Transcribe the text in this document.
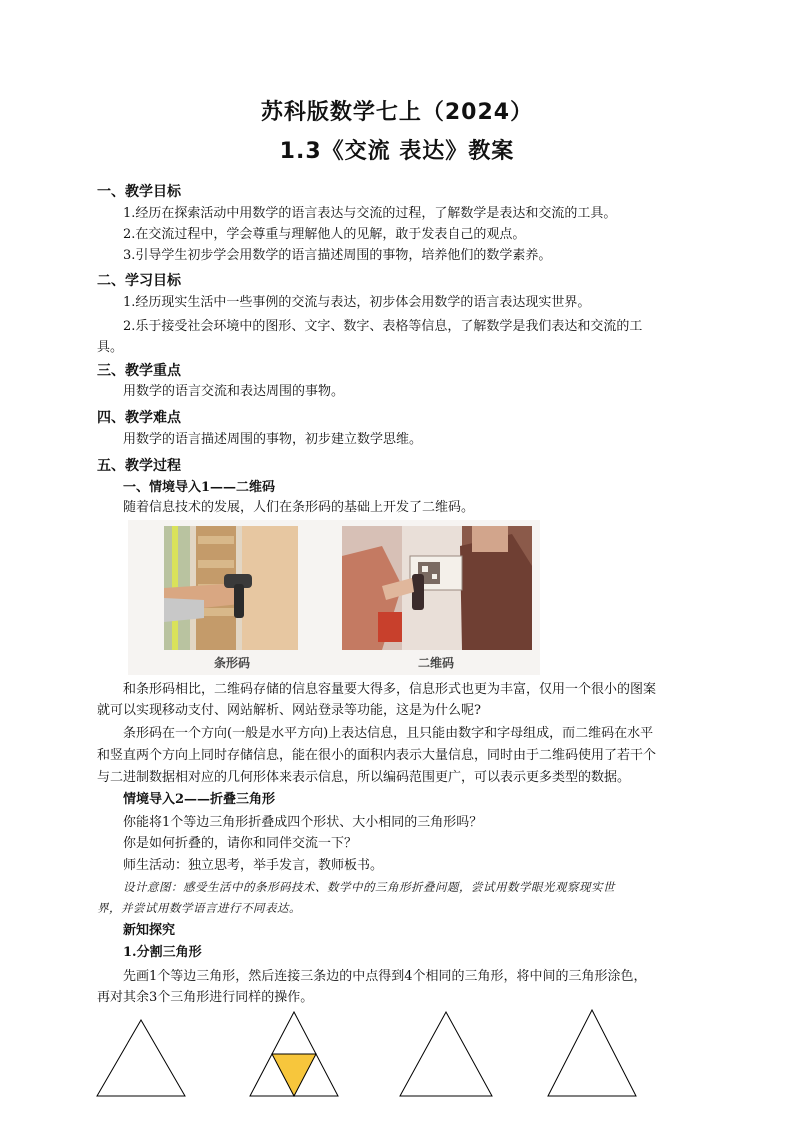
苏科版数学七上（2024）
1.3《交流 表达》教案
一、教学目标
1.经历在探索活动中用数学的语言表达与交流的过程，了解数学是表达和交流的工具。
2.在交流过程中，学会尊重与理解他人的见解，敢于发表自己的观点。
3.引导学生初步学会用数学的语言描述周围的事物，培养他们的数学素养。
二、学习目标
1.经历现实生活中一些事例的交流与表达，初步体会用数学的语言表达现实世界。
2.乐于接受社会环境中的图形、文字、数字、表格等信息，了解数学是我们表达和交流的工
具。
三、教学重点
用数学的语言交流和表达周围的事物。
四、教学难点
用数学的语言描述周围的事物，初步建立数学思维。
五、教学过程
一、情境导入1——二维码
随着信息技术的发展，人们在条形码的基础上开发了二维码。
条形码	二维码
和条形码相比，二维码存储的信息容量要大得多，信息形式也更为丰富，仅用一个很小的图案
就可以实现移动支付、网站解析、网站登录等功能，这是为什么呢?
条形码在一个方向(一般是水平方向)上表达信息，且只能由数字和字母组成，而二维码在水平
和竖直两个方向上同时存储信息，能在很小的面积内表示大量信息，同时由于二维码使用了若干个
与二进制数据相对应的几何形体来表示信息，所以编码范围更广，可以表示更多类型的数据。
情境导入2——折叠三角形
你能将1个等边三角形折叠成四个形状、大小相同的三角形吗？
你是如何折叠的，请你和同伴交流一下？
师生活动：独立思考，举手发言，教师板书。
设计意图：感受生活中的条形码技术、数学中的三角形折叠问题，尝试用数学眼光观察现实世
界，并尝试用数学语言进行不同表达。
新知探究
1.分割三角形
先画1个等边三角形，然后连接三条边的中点得到4个相同的三角形，将中间的三角形涂色，
再对其余3个三角形进行同样的操作。
